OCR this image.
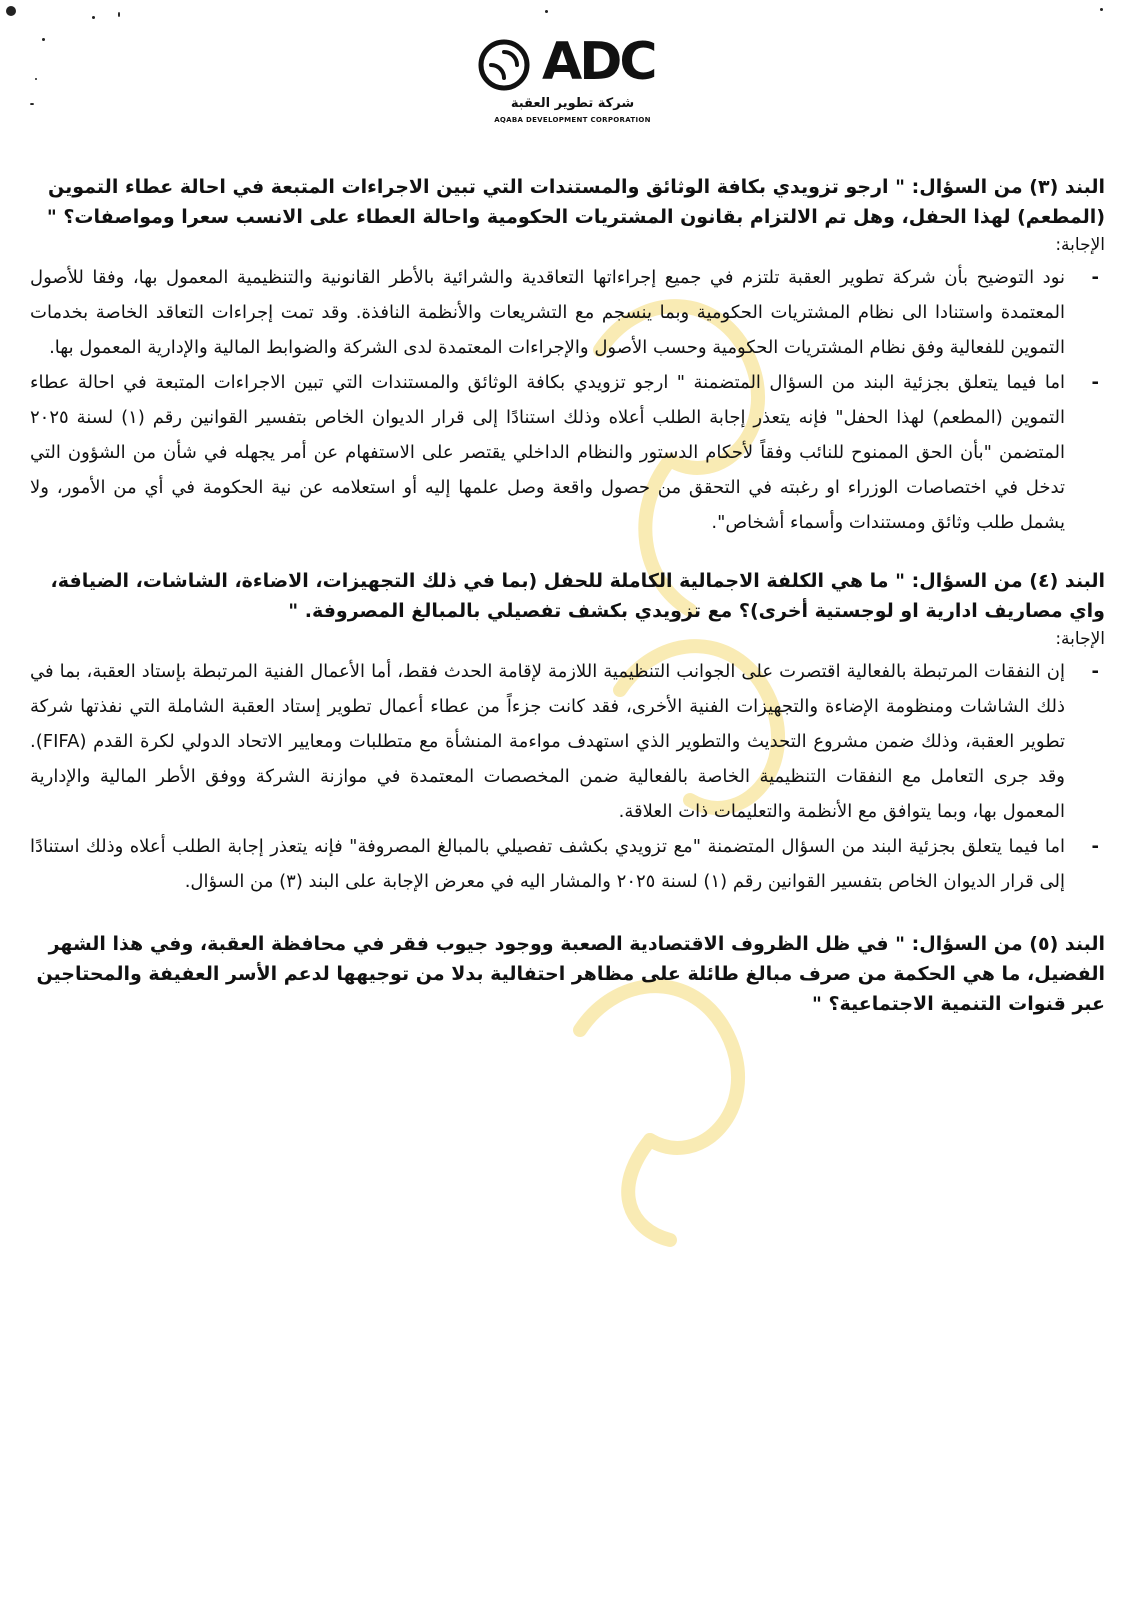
ADC
شركة تطوير العقبة
AQABA DEVELOPMENT CORPORATION

البند (٣) من السؤال: " ارجو تزويدي بكافة الوثائق والمستندات التي تبين الاجراءات المتبعة في احالة عطاء التموين (المطعم) لهذا الحفل، وهل تم الالتزام بقانون المشتريات الحكومية واحالة العطاء على الانسب سعرا ومواصفات؟ "

الإجابة:

- نود التوضيح بأن شركة تطوير العقبة تلتزم في جميع إجراءاتها التعاقدية والشرائية بالأطر القانونية والتنظيمية المعمول بها، وفقا للأصول المعتمدة واستنادا الى نظام المشتريات الحكومية وبما ينسجم مع التشريعات والأنظمة النافذة. وقد تمت إجراءات التعاقد الخاصة بخدمات التموين للفعالية وفق نظام المشتريات الحكومية وحسب الأصول والإجراءات المعتمدة لدى الشركة والضوابط المالية والإدارية المعمول بها.
- اما فيما يتعلق بجزئية البند من السؤال المتضمنة " ارجو تزويدي بكافة الوثائق والمستندات التي تبين الاجراءات المتبعة في احالة عطاء التموين (المطعم) لهذا الحفل" فإنه يتعذر إجابة الطلب أعلاه وذلك استنادًا إلى قرار الديوان الخاص بتفسير القوانين رقم (١) لسنة ٢٠٢٥ المتضمن "بأن الحق الممنوح للنائب وفقاً لأحكام الدستور والنظام الداخلي يقتصر على الاستفهام عن أمر يجهله في شأن من الشؤون التي تدخل في اختصاصات الوزراء او رغبته في التحقق من حصول واقعة وصل علمها إليه أو استعلامه عن نية الحكومة في أي من الأمور، ولا يشمل طلب وثائق ومستندات وأسماء أشخاص".

البند (٤) من السؤال: " ما هي الكلفة الاجمالية الكاملة للحفل (بما في ذلك التجهيزات، الاضاءة، الشاشات، الضيافة، واي مصاريف ادارية او لوجستية أخرى)؟ مع تزويدي بكشف تفصيلي بالمبالغ المصروفة. "

الإجابة:

- إن النفقات المرتبطة بالفعالية اقتصرت على الجوانب التنظيمية اللازمة لإقامة الحدث فقط، أما الأعمال الفنية المرتبطة بإستاد العقبة، بما في ذلك الشاشات ومنظومة الإضاءة والتجهيزات الفنية الأخرى، فقد كانت جزءاً من عطاء أعمال تطوير إستاد العقبة الشاملة التي نفذتها شركة تطوير العقبة، وذلك ضمن مشروع التحديث والتطوير الذي استهدف مواءمة المنشأة مع متطلبات ومعايير الاتحاد الدولي لكرة القدم (FIFA). وقد جرى التعامل مع النفقات التنظيمية الخاصة بالفعالية ضمن المخصصات المعتمدة في موازنة الشركة ووفق الأطر المالية والإدارية المعمول بها، وبما يتوافق مع الأنظمة والتعليمات ذات العلاقة.
- اما فيما يتعلق بجزئية البند من السؤال المتضمنة "مع تزويدي بكشف تفصيلي بالمبالغ المصروفة" فإنه يتعذر إجابة الطلب أعلاه وذلك استنادًا إلى قرار الديوان الخاص بتفسير القوانين رقم (١) لسنة ٢٠٢٥ والمشار اليه في معرض الإجابة على البند (٣) من السؤال.

البند (٥) من السؤال: " في ظل الظروف الاقتصادية الصعبة ووجود جيوب فقر في محافظة العقبة، وفي هذا الشهر الفضيل، ما هي الحكمة من صرف مبالغ طائلة على مظاهر احتفالية بدلا من توجيهها لدعم الأسر العفيفة والمحتاجين عبر قنوات التنمية الاجتماعية؟ "
